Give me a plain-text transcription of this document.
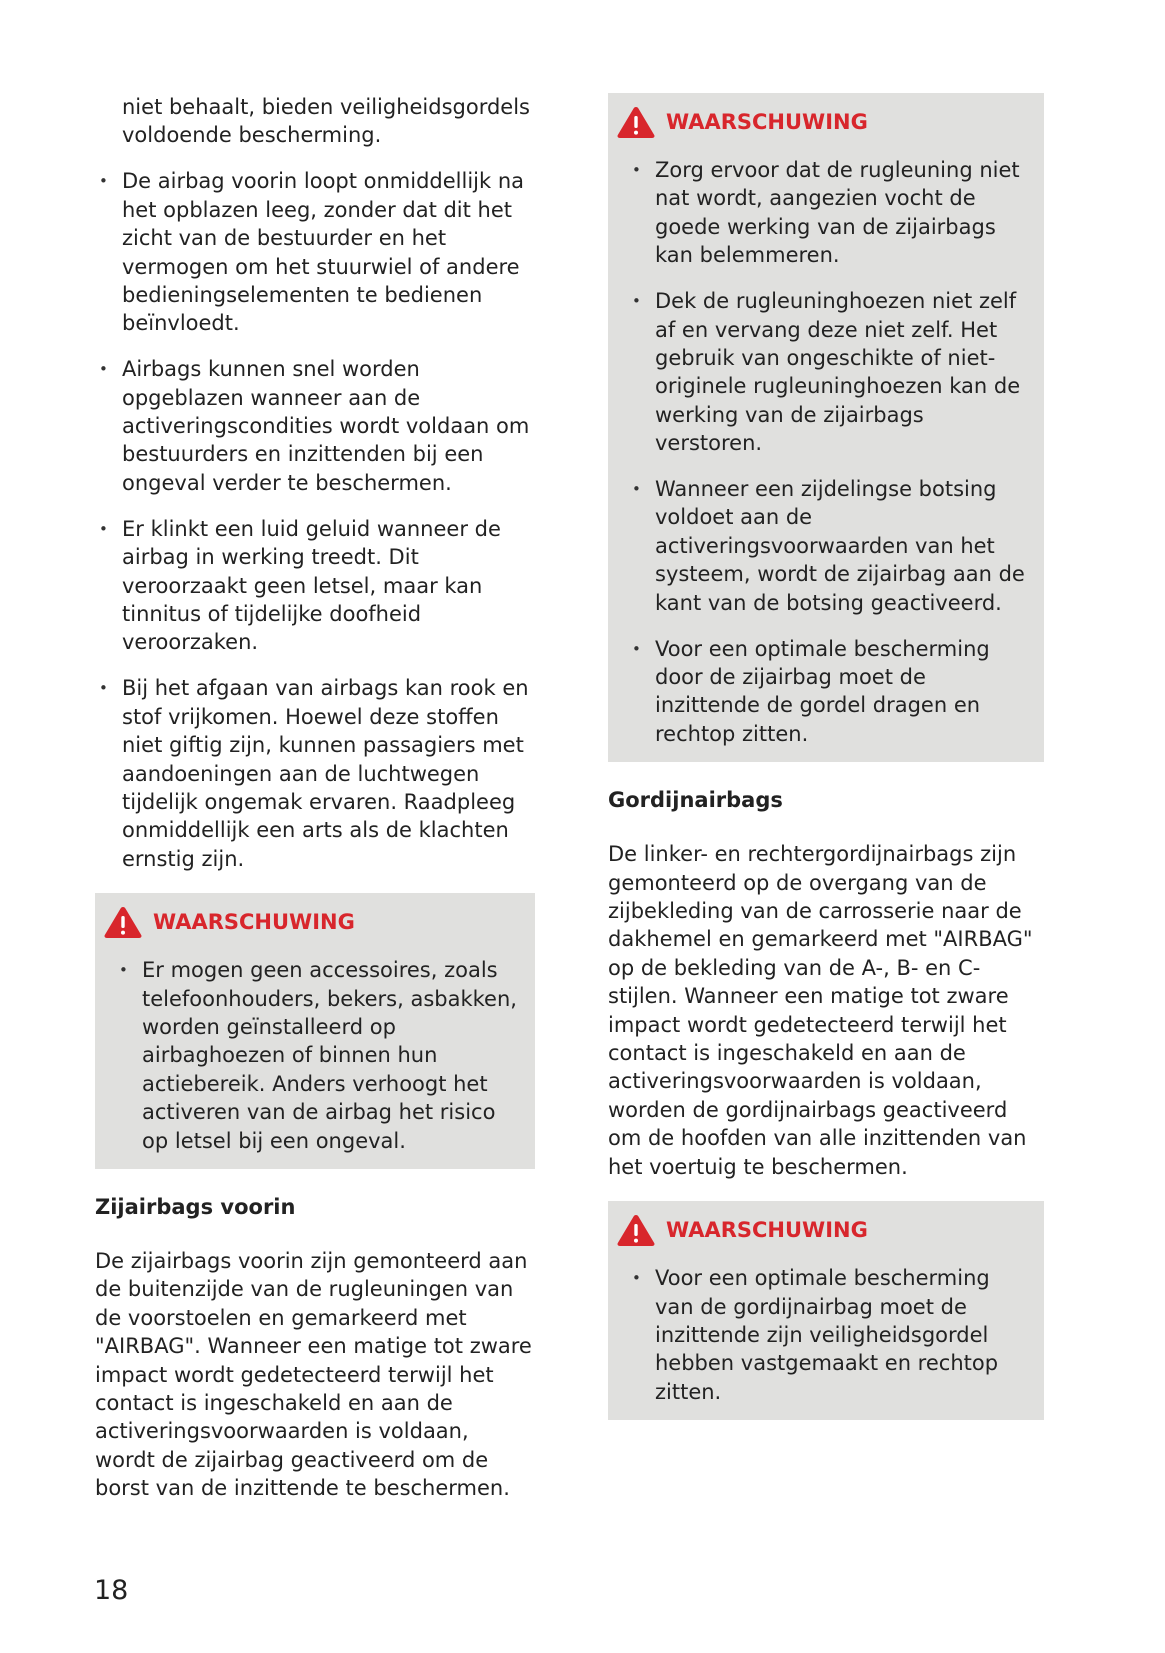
niet behaalt, bieden veiligheidsgordels voldoende bescherming.
• De airbag voorin loopt onmiddellijk na het opblazen leeg, zonder dat dit het zicht van de bestuurder en het vermogen om het stuurwiel of andere bedieningselementen te bedienen beïnvloedt.
• Airbags kunnen snel worden opgeblazen wanneer aan de activeringscondities wordt voldaan om bestuurders en inzittenden bij een ongeval verder te beschermen.
• Er klinkt een luid geluid wanneer de airbag in werking treedt. Dit veroorzaakt geen letsel, maar kan tinnitus of tijdelijke doofheid veroorzaken.
• Bij het afgaan van airbags kan rook en stof vrijkomen. Hoewel deze stoffen niet giftig zijn, kunnen passagiers met aandoeningen aan de luchtwegen tijdelijk ongemak ervaren. Raadpleeg onmiddellijk een arts als de klachten ernstig zijn.
WAARSCHUWING
• Er mogen geen accessoires, zoals telefoonhouders, bekers, asbakken, worden geïnstalleerd op airbaghoezen of binnen hun actiebereik. Anders verhoogt het activeren van de airbag het risico op letsel bij een ongeval.
Zijairbags voorin

De zijairbags voorin zijn gemonteerd aan de buitenzijde van de rugleuningen van de voorstoelen en gemarkeerd met "AIRBAG". Wanneer een matige tot zware impact wordt gedetecteerd terwijl het contact is ingeschakeld en aan de activeringsvoorwaarden is voldaan, wordt de zijairbag geactiveerd om de borst van de inzittende te beschermen.

WAARSCHUWING
• Zorg ervoor dat de rugleuning niet nat wordt, aangezien vocht de goede werking van de zijairbags kan belemmeren.
• Dek de rugleuninghoezen niet zelf af en vervang deze niet zelf. Het gebruik van ongeschikte of niet-originele rugleuninghoezen kan de werking van de zijairbags verstoren.
• Wanneer een zijdelingse botsing voldoet aan de activeringsvoorwaarden van het systeem, wordt de zijairbag aan de kant van de botsing geactiveerd.
• Voor een optimale bescherming door de zijairbag moet de inzittende de gordel dragen en rechtop zitten.
Gordijnairbags

De linker- en rechtergordijnairbags zijn gemonteerd op de overgang van de zijbekleding van de carrosserie naar de dakhemel en gemarkeerd met "AIRBAG" op de bekleding van de A-, B- en C-stijlen. Wanneer een matige tot zware impact wordt gedetecteerd terwijl het contact is ingeschakeld en aan de activeringsvoorwaarden is voldaan, worden de gordijnairbags geactiveerd om de hoofden van alle inzittenden van het voertuig te beschermen.

WAARSCHUWING
• Voor een optimale bescherming van de gordijnairbag moet de inzittende zijn veiligheidsgordel hebben vastgemaakt en rechtop zitten.
18
